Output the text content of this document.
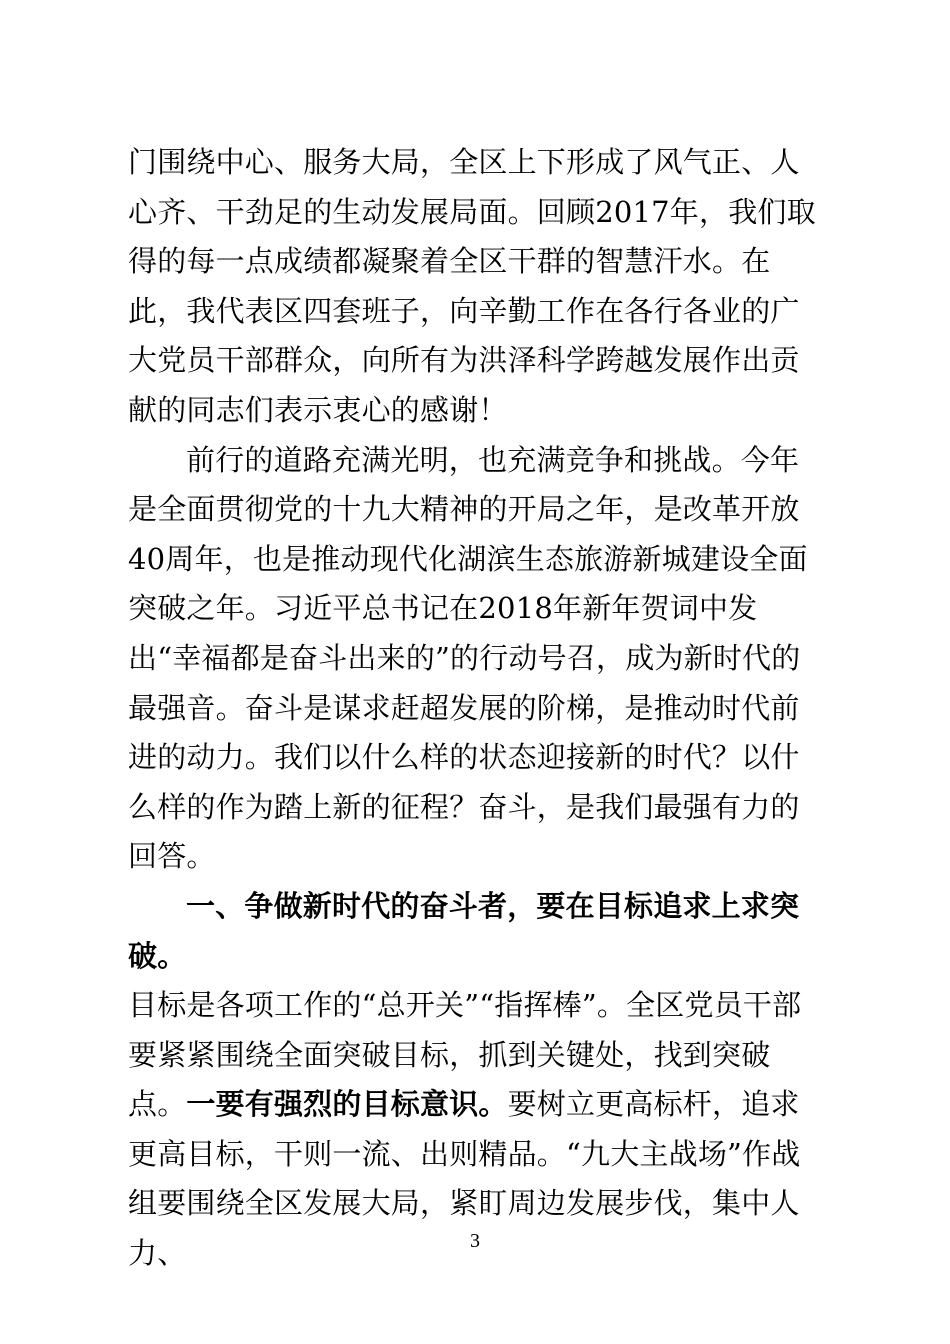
门围绕中心、服务大局，全区上下形成了风气正、人心齐、干劲足的生动发展局面。回顾2017年，我们取得的每一点成绩都凝聚着全区干群的智慧汗水。在此，我代表区四套班子，向辛勤工作在各行各业的广大党员干部群众，向所有为洪泽科学跨越发展作出贡献的同志们表示衷心的感谢！

前行的道路充满光明，也充满竞争和挑战。今年是全面贯彻党的十九大精神的开局之年，是改革开放40周年，也是推动现代化湖滨生态旅游新城建设全面突破之年。习近平总书记在2018年新年贺词中发出“幸福都是奋斗出来的”的行动号召，成为新时代的最强音。奋斗是谋求赶超发展的阶梯，是推动时代前进的动力。我们以什么样的状态迎接新的时代？以什么样的作为踏上新的征程？奋斗，是我们最强有力的回答。

一、争做新时代的奋斗者，要在目标追求上求突破。

目标是各项工作的“总开关”“指挥棒”。全区党员干部要紧紧围绕全面突破目标，抓到关键处，找到突破点。一要有强烈的目标意识。要树立更高标杆，追求更高目标，干则一流、出则精品。“九大主战场”作战组要围绕全区发展大局，紧盯周边发展步伐，集中人力、	3
